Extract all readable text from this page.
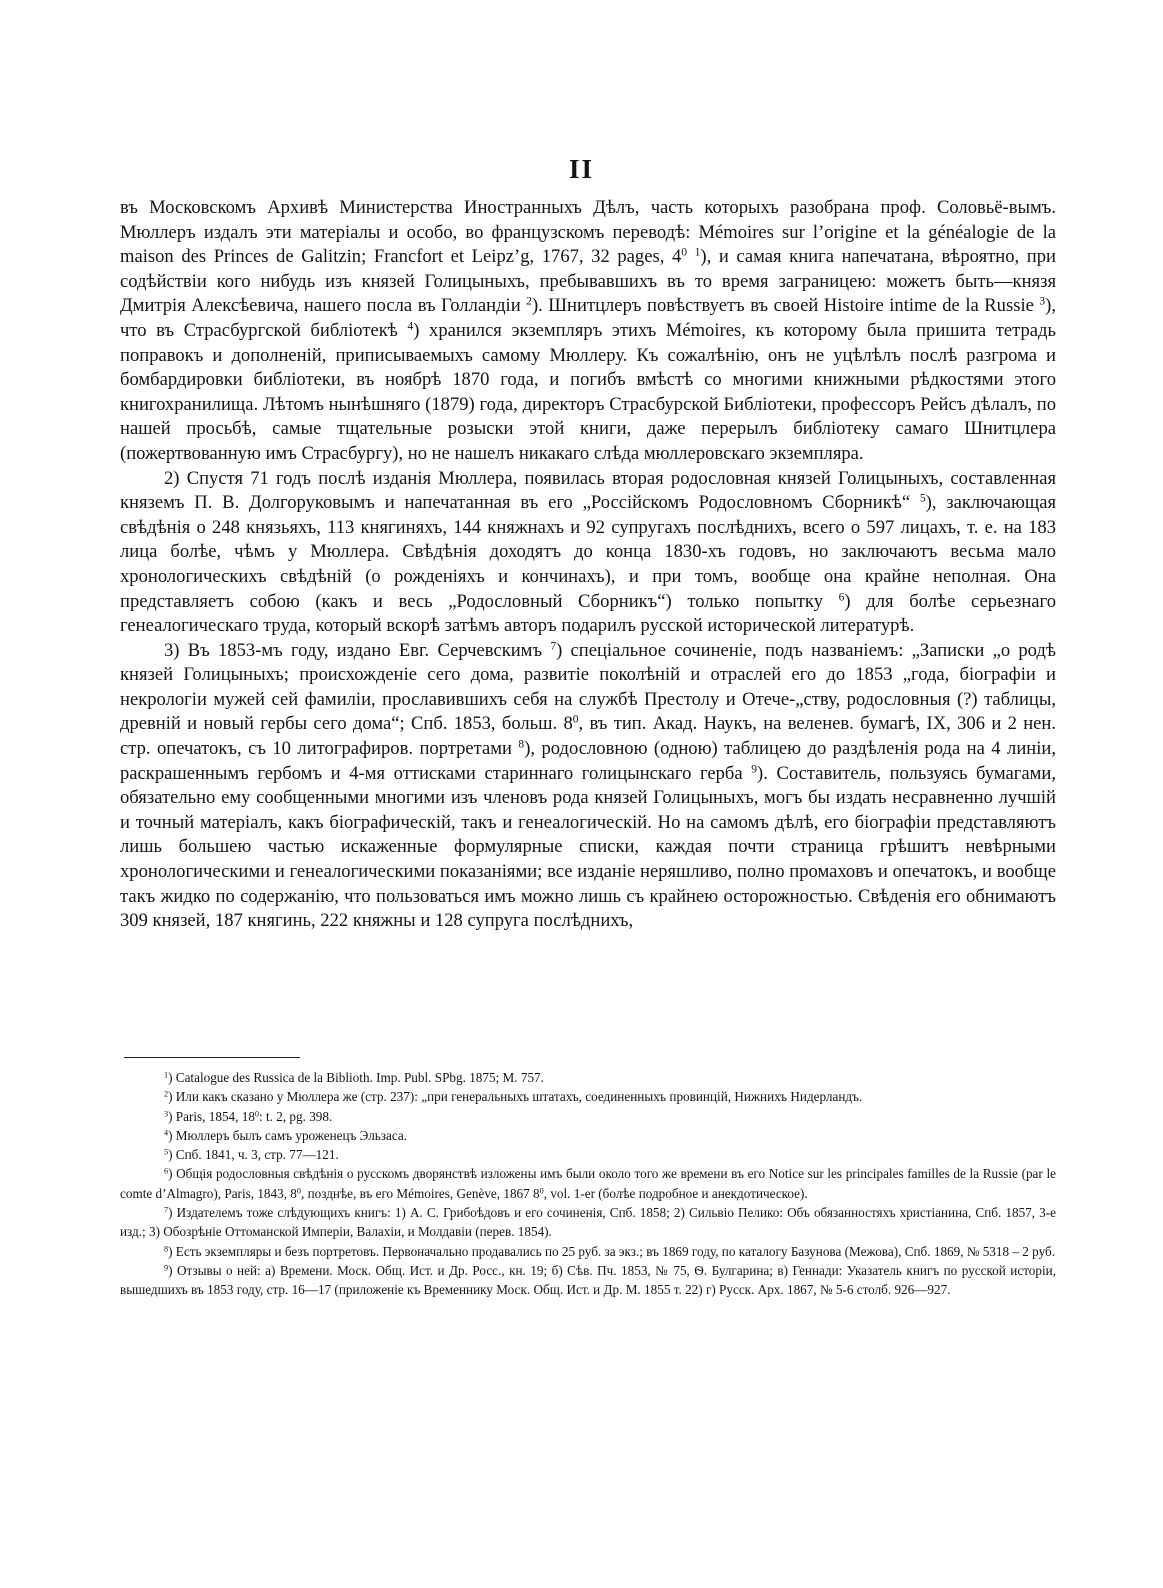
II

въ Московскомъ Архивѣ Министерства Иностранныхъ Дѣлъ, часть которыхъ разобрана проф. Соловьё-вымъ. Мюллеръ издалъ эти матеріалы и особо, во французскомъ переводѣ: Mémoires sur l’origine et la généalogie de la maison des Princes de Galitzin; Francfort et Leipz’g, 1767, 32 pages, $4^0$ $^1$), и самая книга напечатана, вѣроятно, при содѣйствіи кого нибудь изъ князей Голицыныхъ, пребывавшихъ въ то время заграницею: можетъ быть—князя Дмитрія Алексѣевича, нашего посла въ Голландіи $^2$). Шнитцлеръ повѣствуетъ въ своей Histoire intime de la Russie $^3$), что въ Страсбургской библіотекѣ $^4$) хранился экземпляръ этихъ Mémoires, къ которому была пришита тетрадь поправокъ и дополненій, приписываемыхъ самому Мюллеру. Къ сожалѣнію, онъ не уцѣлѣлъ послѣ разгрома и бомбардировки библіотеки, въ ноябрѣ 1870 года, и погибъ вмѣстѣ со многими книжными рѣдкостями этого книгохранилища. Лѣтомъ нынѣшняго (1879) года, директоръ Страсбурской Библіотеки, профессоръ Рейсъ дѣлалъ, по нашей просьбѣ, самые тщательные розыски этой книги, даже перерылъ библіотеку самаго Шнитцлера (пожертвованную имъ Страсбургу), но не нашелъ никакаго слѣда мюллеровскаго экземпляра.

2) Спустя 71 годъ послѣ изданія Мюллера, появилась вторая родословная князей Голицыныхъ, составленная княземъ П. В. Долгоруковымъ и напечатанная въ его „Россійскомъ Родословномъ Сборникѣ“ $^5$), заключающая свѣдѣнія о 248 князьяхъ, 113 княгиняхъ, 144 княжнахъ и 92 супругахъ послѣднихъ, всего о 597 лицахъ, т. е. на 183 лица болѣе, чѣмъ у Мюллера. Свѣдѣнія доходятъ до конца 1830-хъ годовъ, но заключаютъ весьма мало хронологическихъ свѣдѣній (о рожденіяхъ и кончинахъ), и при томъ, вообще она крайне неполная. Она представляетъ собою (какъ и весь „Родословный Сборникъ“) только попытку $^6$) для болѣе серьезнаго генеалогическаго труда, который вскорѣ затѣмъ авторъ подарилъ русской исторической литературѣ.

3) Въ 1853-мъ году, издано Евг. Серчевскимъ $^7$) спеціальное сочиненіе, подъ названіемъ: „Записки „о родѣ князей Голицыныхъ; происхожденіе сего дома, развитіе поколѣній и отраслей его до 1853 „года, біографіи и некрологіи мужей сей фамиліи, прославившихъ себя на службѣ Престолу и Отече-„ству, родословныя (?) таблицы, древній и новый гербы сего дома“; Спб. 1853, больш. $8^0$, въ тип. Акад. Наукъ, на веленев. бумагѣ, IX, 306 и 2 нен. стр. опечатокъ, съ 10 литографиров. портретами $^8$), родословною (одною) таблицею до раздѣленія рода на 4 линіи, раскрашеннымъ гербомъ и 4-мя оттисками стариннаго голицынскаго герба $^9$). Составитель, пользуясь бумагами, обязательно ему сообщенными многими изъ членовъ рода князей Голицыныхъ, могъ бы издать несравненно лучшій и точный матеріалъ, какъ біографическій, такъ и генеалогическій. Но на самомъ дѣлѣ, его біографіи представляютъ лишь большею частью искаженные формулярные списки, каждая почти страница грѣшитъ невѣрными хронологическими и генеалогическими показаніями; все изданіе неряшливо, полно промаховъ и опечатокъ, и вообще такъ жидко по содержанію, что пользоваться имъ можно лишь съ крайнею осторожностью. Свѣденія его обнимаютъ 309 князей, 187 княгинь, 222 княжны и 128 супруга послѣднихъ,

$^1$) Catalogue des Russica de la Biblioth. Imp. Publ. SPbg. 1875; M. 757.

$^2$) Или какъ сказано у Мюллера же (стр. 237): „при генеральныхъ штатахъ, соединенныхъ провинцій, Нижнихъ Нидерландъ.

$^3$) Paris, 1854, $18^0$: t. 2, pg. 398.

$^4$) Мюллеръ былъ самъ уроженецъ Эльзаса.

$^5$) Спб. 1841, ч. 3, стр. 77—121.

$^6$) Общія родословныя свѣдѣнія о русскомъ дворянствѣ изложены имъ были около того же времени въ его Notice sur les principales familles de la Russie (par le comte d’Almagro), Paris, 1843, $8^0$, позднѣе, въ его Mémoires, Genève, 1867 $8^0$, vol. 1-er (болѣе подробное и анекдотическое).

$^7$) Издателемъ тоже слѣдующихъ книгъ: 1) А. С. Грибоѣдовъ и его сочиненія, Спб. 1858; 2) Сильвіо Пелико: Объ обязанностяхъ христіанина, Спб. 1857, 3-е изд.; 3) Обозрѣніе Оттоманской Имперіи, Валахіи, и Молдавіи (перев. 1854).

$^8$) Есть экземпляры и безъ портретовъ. Первоначально продавались по 25 руб. за экз.; въ 1869 году, по каталогу Базунова (Межова), Спб. 1869, № 5318 – 2 руб.

$^9$) Отзывы о ней: а) Времени. Моск. Общ. Ист. и Др. Росс., кн. 19; б) Сѣв. Пч. 1853, № 75, Ѳ. Булгарина; в) Геннади: Указатель книгъ по русской исторіи, вышедшихъ въ 1853 году, стр. 16—17 (приложеніе къ Временнику Моск. Общ. Ист. и Др. М. 1855 т. 22) г) Русск. Арх. 1867, № 5-6 столб. 926—927.
